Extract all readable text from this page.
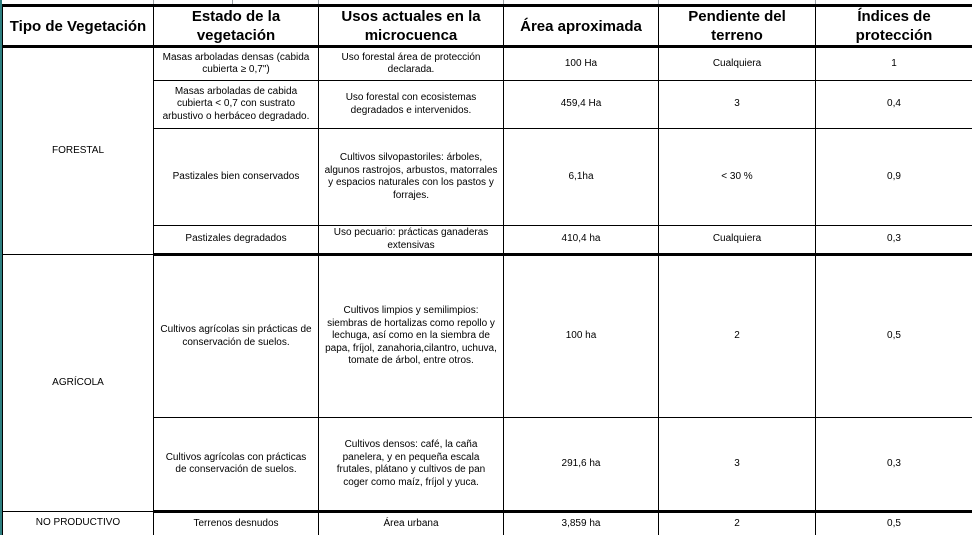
Tipo de Vegetación	Estado de la vegetación	Usos actuales en la microcuenca	Área aproximada	Pendiente del terreno	Índices de protección
FORESTAL	Masas arboladas densas (cabida cubierta ≥ 0,7")	Uso forestal área de protección declarada.	100 Ha	Cualquiera	1
	Masas arboladas de cabida cubierta < 0,7 con sustrato arbustivo o herbáceo degradado.	Uso forestal con ecosistemas degradados e intervenidos.	459,4 Ha	3	0,4
	Pastizales bien conservados	Cultivos silvopastoriles: árboles, algunos rastrojos, arbustos, matorrales y espacios naturales con los pastos y forrajes.	6,1ha	< 30 %	0,9
	Pastizales degradados	Uso pecuario: prácticas ganaderas extensivas	410,4 ha	Cualquiera	0,3
AGRÍCOLA	Cultivos agrícolas sin prácticas de conservación de suelos.	Cultivos limpios y semilimpios: siembras de hortalizas como repollo y lechuga, así como en la siembra de papa, fríjol, zanahoria,cilantro, uchuva, tomate de árbol, entre otros.	100 ha	2	0,5
	Cultivos agrícolas con prácticas de conservación de suelos.	Cultivos densos: café, la caña panelera, y en pequeña escala frutales, plátano y cultivos de pan coger como maíz, fríjol y yuca.	291,6 ha	3	0,3
NO PRODUCTIVO	Terrenos desnudos	Área urbana	3,859 ha	2	0,5
